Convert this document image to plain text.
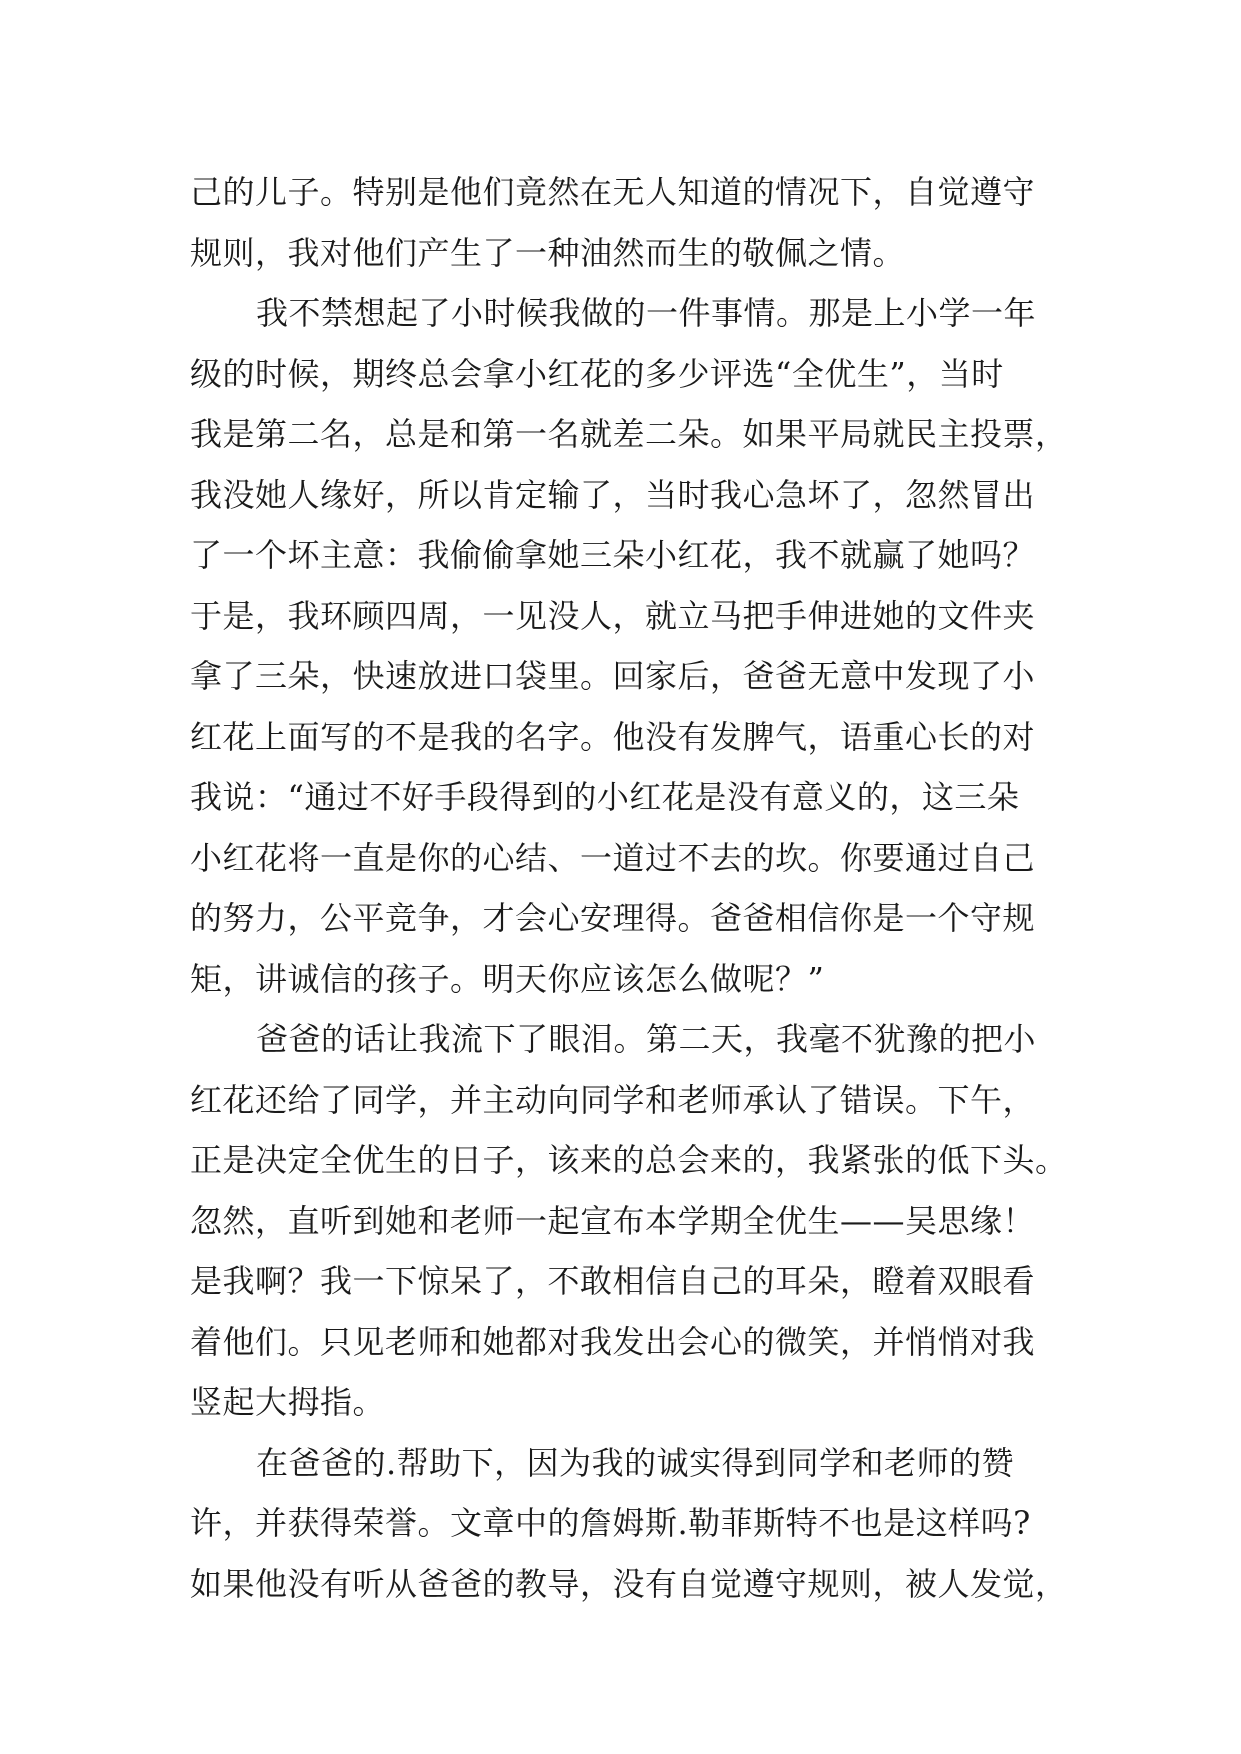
己的儿子。特别是他们竟然在无人知道的情况下，自觉遵守
规则，我对他们产生了一种油然而生的敬佩之情。
我不禁想起了小时候我做的一件事情。那是上小学一年
级的时候，期终总会拿小红花的多少评选“全优生”，当时
我是第二名，总是和第一名就差二朵。如果平局就民主投票，
我没她人缘好，所以肯定输了，当时我心急坏了，忽然冒出
了一个坏主意：我偷偷拿她三朵小红花，我不就赢了她吗？
于是，我环顾四周，一见没人，就立马把手伸进她的文件夹
拿了三朵，快速放进口袋里。回家后，爸爸无意中发现了小
红花上面写的不是我的名字。他没有发脾气，语重心长的对
我说：“通过不好手段得到的小红花是没有意义的，这三朵
小红花将一直是你的心结、一道过不去的坎。你要通过自己
的努力，公平竞争，才会心安理得。爸爸相信你是一个守规
矩，讲诚信的孩子。明天你应该怎么做呢？”
爸爸的话让我流下了眼泪。第二天，我毫不犹豫的把小
红花还给了同学，并主动向同学和老师承认了错误。下午，
正是决定全优生的日子，该来的总会来的，我紧张的低下头。
忽然，直听到她和老师一起宣布本学期全优生——吴思缘！
是我啊？我一下惊呆了，不敢相信自己的耳朵，瞪着双眼看
着他们。只见老师和她都对我发出会心的微笑，并悄悄对我
竖起大拇指。
在爸爸的.帮助下，因为我的诚实得到同学和老师的赞
许，并获得荣誉。文章中的詹姆斯.勒菲斯特不也是这样吗?
如果他没有听从爸爸的教导，没有自觉遵守规则，被人发觉，
